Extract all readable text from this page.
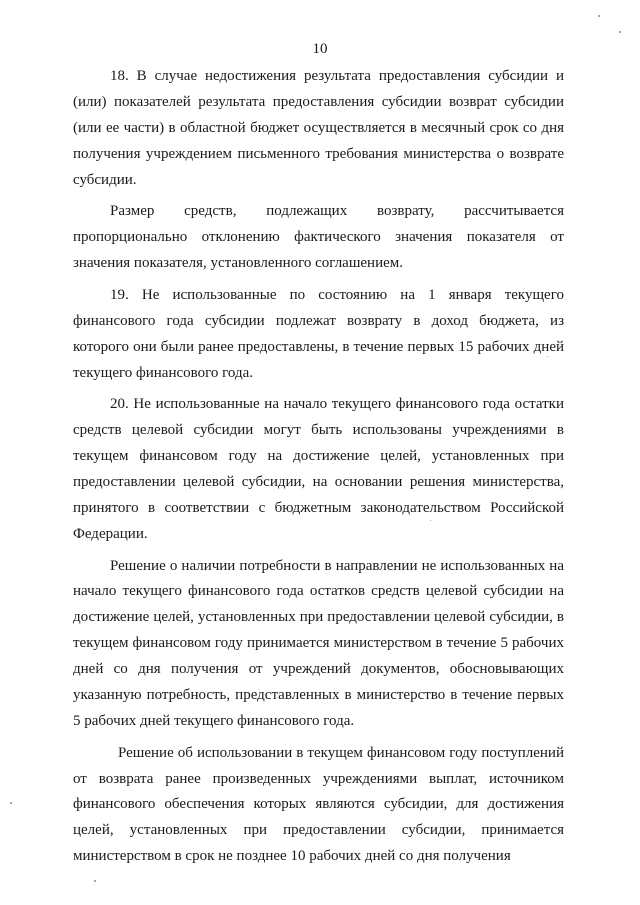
10

18. В случае недостижения результата предоставления субсидии и (или) показателей результата предоставления субсидии возврат субсидии (или ее части) в областной бюджет осуществляется в месячный срок со дня получения учреждением письменного требования министерства о возврате субсидии.

Размер средств, подлежащих возврату, рассчитывается пропорционально отклонению фактического значения показателя от значения показателя, установленного соглашением.

19. Не использованные по состоянию на 1 января текущего финансового года субсидии подлежат возврату в доход бюджета, из которого они были ранее предоставлены, в течение первых 15 рабочих дней текущего финансового года.

20. Не использованные на начало текущего финансового года остатки средств целевой субсидии могут быть использованы учреждениями в текущем финансовом году на достижение целей, установленных при предоставлении целевой субсидии, на основании решения министерства, принятого в соответствии с бюджетным законодательством Российской Федерации.

Решение о наличии потребности в направлении не использованных на начало текущего финансового года остатков средств целевой субсидии на достижение целей, установленных при предоставлении целевой субсидии, в текущем финансовом году принимается министерством в течение 5 рабочих дней со дня получения от учреждений документов, обосновывающих указанную потребность, представленных в министерство в течение первых 5 рабочих дней текущего финансового года.

Решение об использовании в текущем финансовом году поступлений от возврата ранее произведенных учреждениями выплат, источником финансового обеспечения которых являются субсидии, для достижения целей, установленных при предоставлении субсидии, принимается министерством в срок не позднее 10 рабочих дней со дня получения
